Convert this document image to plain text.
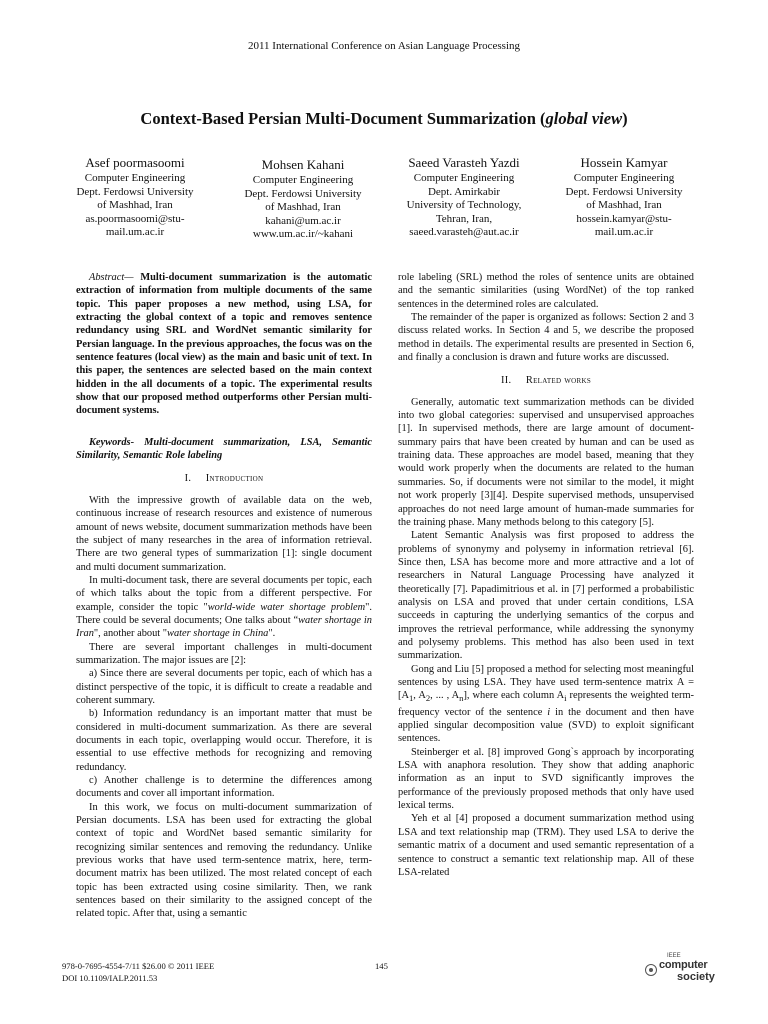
2011 International Conference on Asian Language Processing
Context-Based Persian Multi-Document Summarization (global view)
Asef poormasoomi
Computer Engineering
Dept. Ferdowsi University
of Mashhad, Iran
as.poormasoomi@stu-
mail.um.ac.ir
Mohsen Kahani
Computer Engineering
Dept. Ferdowsi University
of Mashhad, Iran
kahani@um.ac.ir
www.um.ac.ir/~kahani
Saeed Varasteh Yazdi
Computer Engineering
Dept. Amirkabir
University of Technology,
Tehran, Iran,
saeed.varasteh@aut.ac.ir
Hossein Kamyar
Computer Engineering
Dept. Ferdowsi University
of Mashhad, Iran
hossein.kamyar@stu-
mail.um.ac.ir

Abstract— Multi-document summarization is the automatic extraction of information from multiple documents of the same topic. This paper proposes a new method, using LSA, for extracting the global context of a topic and removes sentence redundancy using SRL and WordNet semantic similarity for Persian language. In the previous approaches, the focus was on the sentence features (local view) as the main and basic unit of text. In this paper, the sentences are selected based on the main context hidden in the all documents of a topic. The experimental results show that our proposed method outperforms other Persian multi-document systems.

Keywords- Multi-document summarization, LSA, Semantic Similarity, Semantic Role labeling

I. Introduction

With the impressive growth of available data on the web, continuous increase of research resources and existence of numerous amount of news website, document summarization methods have been the subject of many researches in the area of information retrieval. There are two general types of summarization [1]: single document and multi document summarization.

In multi-document task, there are several documents per topic, each of which talks about the topic from a different perspective. For example, consider the topic "world-wide water shortage problem". There could be several documents; One talks about “water shortage in Iran", another about "water shortage in China".

There are several important challenges in multi-document summarization. The major issues are [2]:

a) Since there are several documents per topic, each of which has a distinct perspective of the topic, it is difficult to create a readable and coherent summary.

b) Information redundancy is an important matter that must be considered in multi-document summarization. As there are several documents in each topic, overlapping would occur. Therefore, it is essential to use effective methods for recognizing and removing redundancy.

c) Another challenge is to determine the differences among documents and cover all important information.

In this work, we focus on multi-document summarization of Persian documents. LSA has been used for extracting the global context of topic and WordNet based semantic similarity for recognizing similar sentences and removing the redundancy. Unlike previous works that have used term-sentence matrix, here, term-document matrix has been utilized. The most related concept of each topic has been extracted using cosine similarity. Then, we rank sentences based on their similarity to the assigned concept of the related topic. After that, using a semantic

role labeling (SRL) method the roles of sentence units are obtained and the semantic similarities (using WordNet) of the top ranked sentences in the determined roles are calculated.

The remainder of the paper is organized as follows: Section 2 and 3 discuss related works. In Section 4 and 5, we describe the proposed method in details. The experimental results are presented in Section 6, and finally a conclusion is drawn and future works are discussed.

II. Related works

Generally, automatic text summarization methods can be divided into two global categories: supervised and unsupervised approaches [1]. In supervised methods, there are large amount of document-summary pairs that have been created by human and can be used as training data. These approaches are model based, meaning that they would work properly when the documents are related to the human summaries. So, if documents were not similar to the model, it might not work properly [3][4]. Despite supervised methods, unsupervised approaches do not need large amount of human-made summaries for the training phase. Many methods belong to this category [5].

Latent Semantic Analysis was first proposed to address the problems of synonymy and polysemy in information retrieval [6]. Since then, LSA has become more and more attractive and a lot of researchers in Natural Language Processing have analyzed it theoretically [7]. Papadimitrious et al. in [7] performed a probabilistic analysis on LSA and proved that under certain conditions, LSA succeeds in capturing the underlying semantics of the corpus and improves the retrieval performance, while addressing the synonymy and polysemy problems. This method has also been used in text summarization.

Gong and Liu [5] proposed a method for selecting most meaningful sentences by using LSA. They have used term-sentence matrix $A = [A_1$, $A_2$, ... , $A_n$], where each column $A_i$ represents the weighted term-frequency vector of the sentence i in the document and then have applied singular decomposition value (SVD) to exploit significant sentences.

Steinberger et al. [8] improved Gong`s approach by incorporating LSA with anaphora resolution. They show that adding anaphoric information as an input to SVD significantly improves the performance of the previously proposed methods that only have used lexical terms.

Yeh et al [4] proposed a document summarization method using LSA and text relationship map (TRM). They used LSA to derive the semantic matrix of a document and used semantic representation of a sentence to construct a semantic text relationship map. All of these LSA-related

978-0-7695-4554-7/11 $26.00 © 2011 IEEE
DOI 10.1109/IALP.2011.53
145
IEEE
computer
society
